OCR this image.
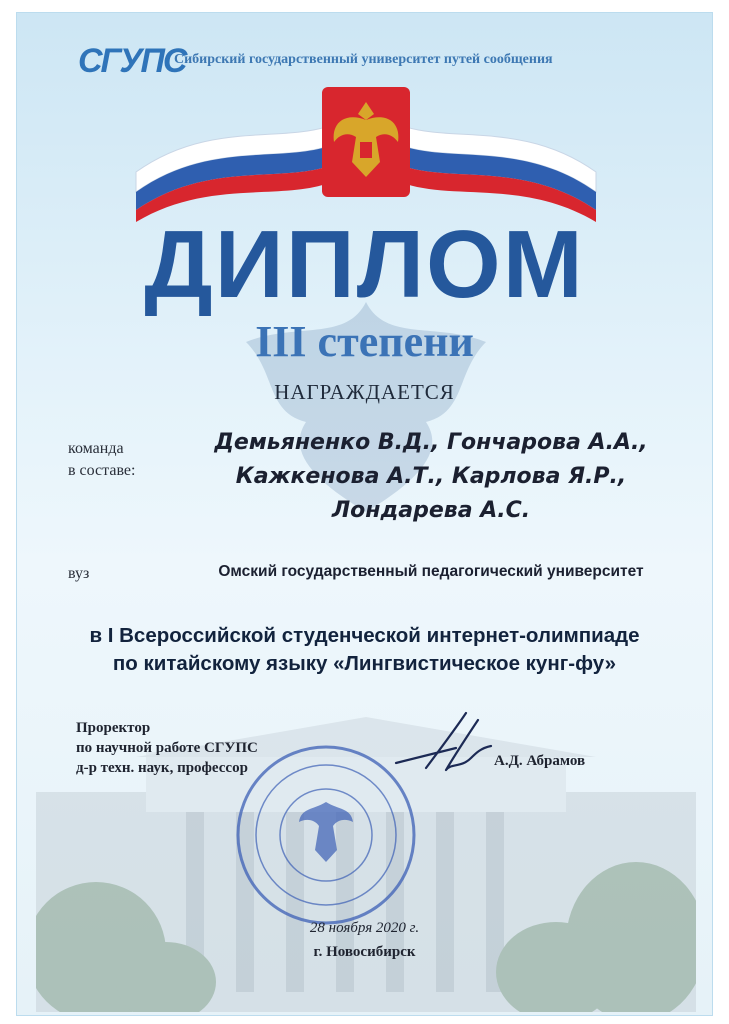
СГУПС
Сибирский государственный университет путей сообщения
ДИПЛОМ
III степени
НАГРАЖДАЕТСЯ
команда
в составе:
Демьяненко В.Д., Гончарова А.А.,
Кажкенова А.Т., Карлова Я.Р.,
Лондарева А.С.
вуз	Омский государственный педагогический университет
в I Всероссийской студенческой интернет-олимпиаде
по китайскому языку «Лингвистическое кунг-фу»
Проректор
по научной работе СГУПС
д-р техн. наук, профессор	А.Д. Абрамов
28 ноября 2020 г.
г. Новосибирск
